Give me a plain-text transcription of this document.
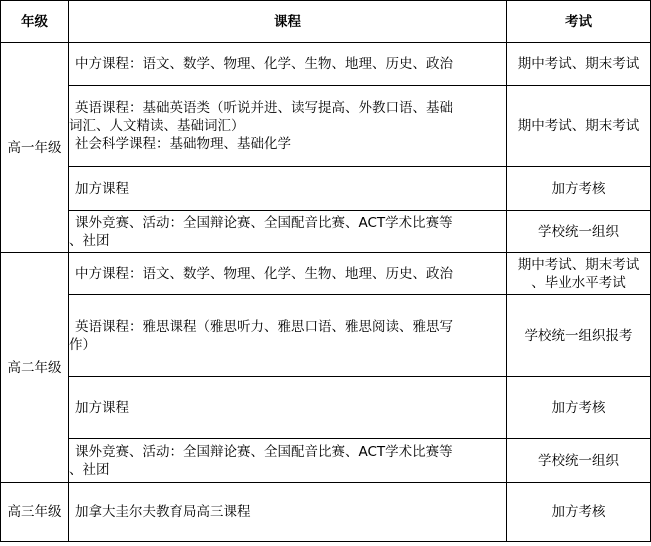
年级	课程	考试
高一年级	中方课程：语文、数学、物理、化学、生物、地理、历史、政治	期中考试、期末考试

	英语课程：基础英语类（听说并进、读写提高、外教口语、基础
词汇、人文精读、基础词汇）
社会科学课程：基础物理、基础化学	期中考试、期末考试

	加方课程	加方考核

	课外竞赛、活动：全国辩论赛、全国配音比赛、ACT学术比赛等
、社团	学校统一组织

高二年级	中方课程：语文、数学、物理、化学、生物、地理、历史、政治	期中考试、期末考试
、毕业水平考试

	英语课程：雅思课程（雅思听力、雅思口语、雅思阅读、雅思写
作）	学校统一组织报考

	加方课程	加方考核

	课外竞赛、活动：全国辩论赛、全国配音比赛、ACT学术比赛等
、社团	学校统一组织

高三年级	加拿大圭尔夫教育局高三课程	加方考核
